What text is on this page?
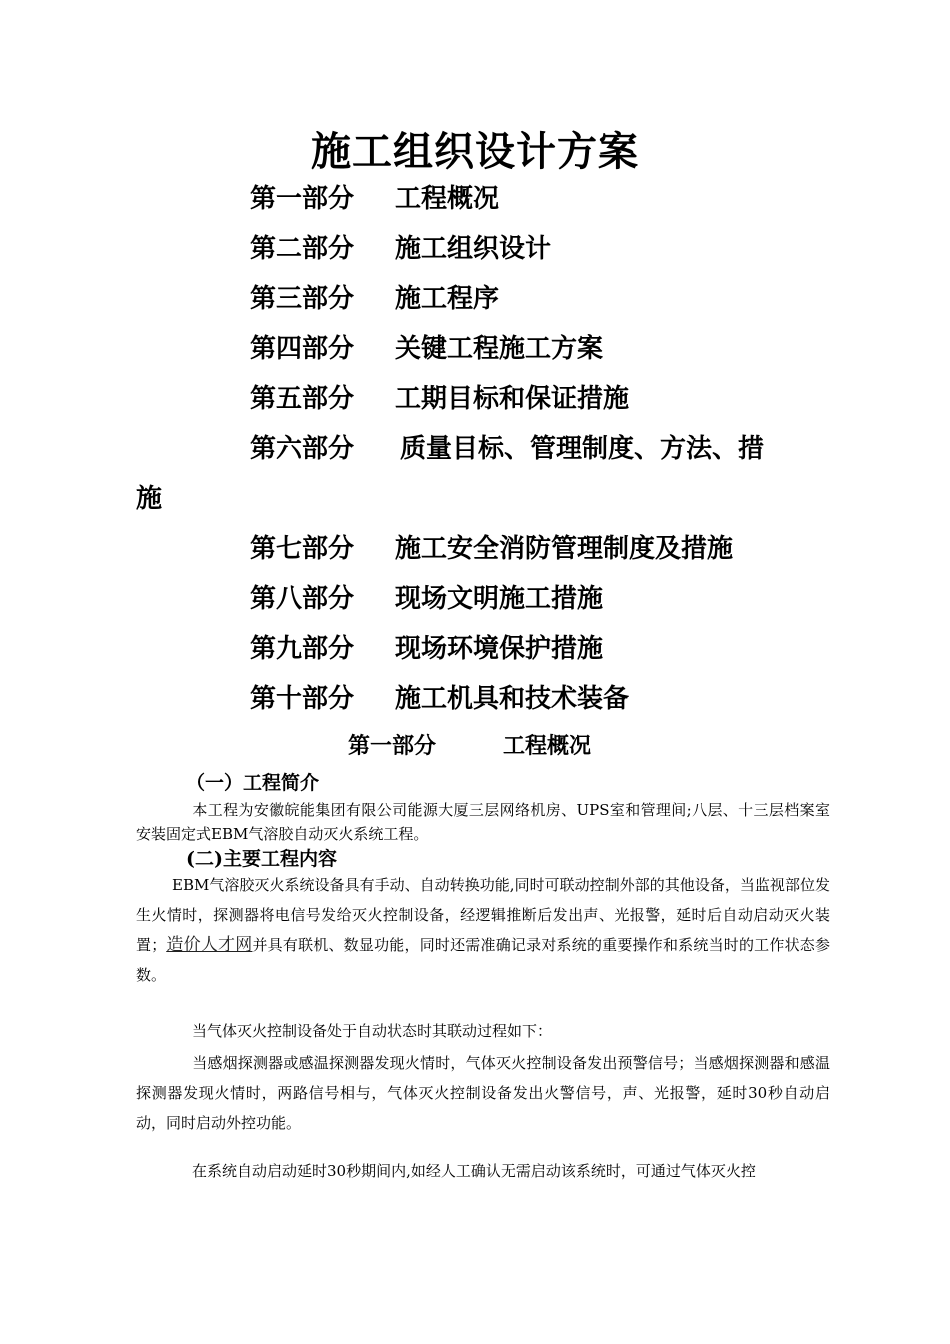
施工组织设计方案
第一部分 工程概况
第二部分 施工组织设计
第三部分 施工程序
第四部分 关键工程施工方案
第五部分 工期目标和保证措施
第六部分 质量目标、管理制度、方法、措
施
第七部分 施工安全消防管理制度及措施
第八部分 现场文明施工措施
第九部分 现场环境保护措施
第十部分 施工机具和技术装备
第一部分	工程概况
（一）工程简介
本工程为安徽皖能集团有限公司能源大厦三层网络机房、UPS室和管理间;八层、十三层档案室安装固定式EBM气溶胶自动灭火系统工程。
(二)主要工程内容
EBM气溶胶灭火系统设备具有手动、自动转换功能,同时可联动控制外部的其他设备，当监视部位发生火情时，探测器将电信号发给灭火控制设备，经逻辑推断后发出声、光报警，延时后自动启动灭火装置；造价人才网并具有联机、数显功能，同时还需准确记录对系统的重要操作和系统当时的工作状态参数。
当气体灭火控制设备处于自动状态时其联动过程如下：
当感烟探测器或感温探测器发现火情时，气体灭火控制设备发出预警信号；当感烟探测器和感温探测器发现火情时，两路信号相与，气体灭火控制设备发出火警信号，声、光报警，延时30秒自动启动，同时启动外控功能。
在系统自动启动延时30秒期间内,如经人工确认无需启动该系统时，可通过气体灭火控
